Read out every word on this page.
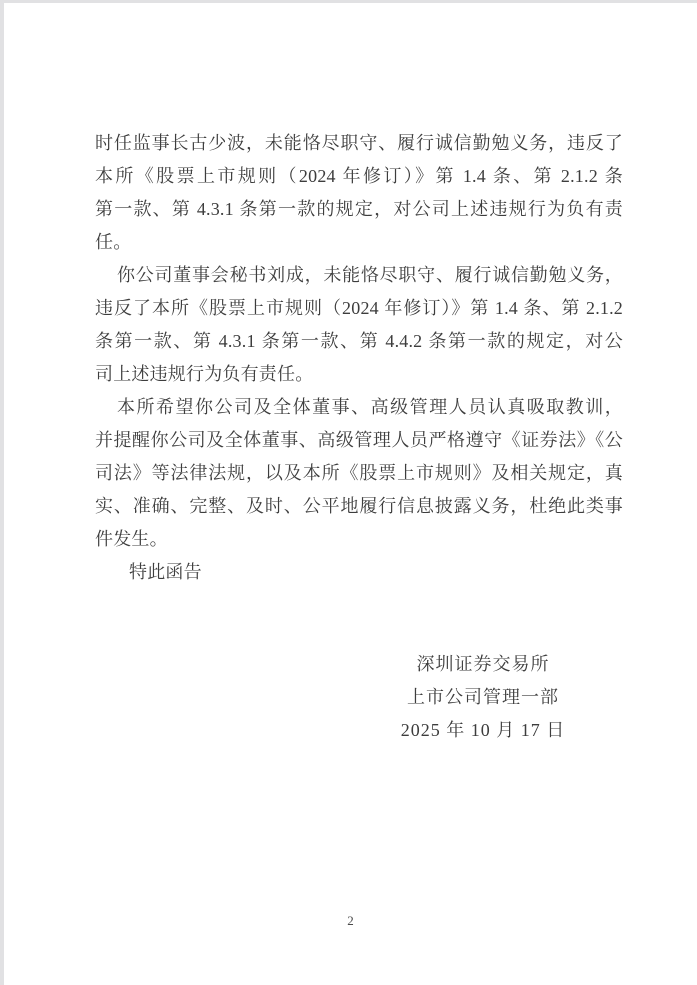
时任监事长古少波，未能恪尽职守、履行诚信勤勉义务，违反了
本所《股票上市规则（2024 年修订）》第 1.4 条、第 2.1.2 条
第一款、第 4.3.1 条第一款的规定，对公司上述违规行为负有责
任。
你公司董事会秘书刘成，未能恪尽职守、履行诚信勤勉义务，
违反了本所《股票上市规则（2024 年修订）》第 1.4 条、第 2.1.2
条第一款、第 4.3.1 条第一款、第 4.4.2 条第一款的规定，对公
司上述违规行为负有责任。
本所希望你公司及全体董事、高级管理人员认真吸取教训，
并提醒你公司及全体董事、高级管理人员严格遵守《证券法》《公
司法》等法律法规，以及本所《股票上市规则》及相关规定，真
实、准确、完整、及时、公平地履行信息披露义务，杜绝此类事
件发生。
特此函告
深圳证券交易所
上市公司管理一部
2025 年 10 月 17 日
2
